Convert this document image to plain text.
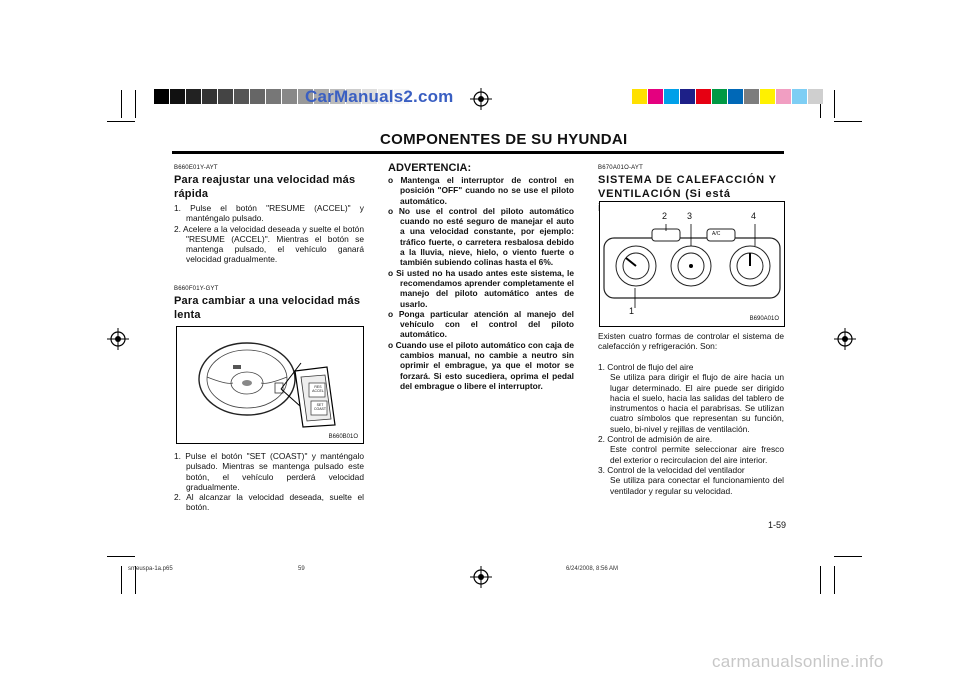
CarManuals2.com
COMPONENTES DE SU HYUNDAI
B660E01Y-AYT
Para reajustar una velocidad más rápida
1. Pulse el botón "RESUME (ACCEL)" y manténgalo pulsado.
2. Acelere a la velocidad deseada y suelte el botón "RESUME (ACCEL)". Mientras el botón se mantenga pulsado, el vehículo ganará velocidad gradualmente.
B660F01Y-GYT
Para cambiar a una velocidad más lenta
RES ACCEL
SET COAST
B660B01O
1. Pulse el botón "SET (COAST)" y manténgalo pulsado. Mientras se mantenga pulsado este botón, el vehículo perderá velocidad gradualmente.
2. Al alcanzar la velocidad deseada, suelte el botón.
ADVERTENCIA:
o Mantenga el interruptor de control en posición "OFF" cuando no se use el piloto automático.
o No use el control del piloto automático cuando no esté seguro de manejar el auto a una velocidad constante, por ejemplo: tráfico fuerte, o carretera resbalosa debido a la lluvia, nieve, hielo, o viento fuerte o también subiendo colinas hasta el 6%.
o Si usted no ha usado antes este sistema, le recomendamos aprender completamente el manejo del piloto automático antes de usarlo.
o Ponga particular atención al manejo del vehículo con el control del piloto automático.
o Cuando use el piloto automático con caja de cambios manual, no cambie a neutro sin oprimir el embrague, ya que el motor se forzará. Si esto sucediera, oprima el pedal del embrague o libere el interruptor.
B670A01O-AYT
SISTEMA DE CALEFACCIÓN Y VENTILACIÓN (Si está
1
2 3	4
A/C
B690A01O
Existen cuatro formas de controlar el sistema de calefacción y refrigeración. Son:
1. Control de flujo del aire
Se utiliza para dirigir el flujo de aire hacia un lugar determinado. El aire puede ser dirigido hacia el suelo, hacia las salidas del tablero de instrumentos o hacia el parabrisas. Se utilizan cuatro símbolos que representan su función, suelo, bi-nivel y rejillas de ventilación.
2. Control de admisión de aire.
Este control permite seleccionar aire fresco del exterior o recirculacion del aire interior.
3. Control de la velocidad del ventilador
Se utiliza para conectar el funcionamiento del ventilador y regular su velocidad.
1-59
smeuspa-1a.p65	59	6/24/2008, 8:56 AM
carmanualsonline.info
